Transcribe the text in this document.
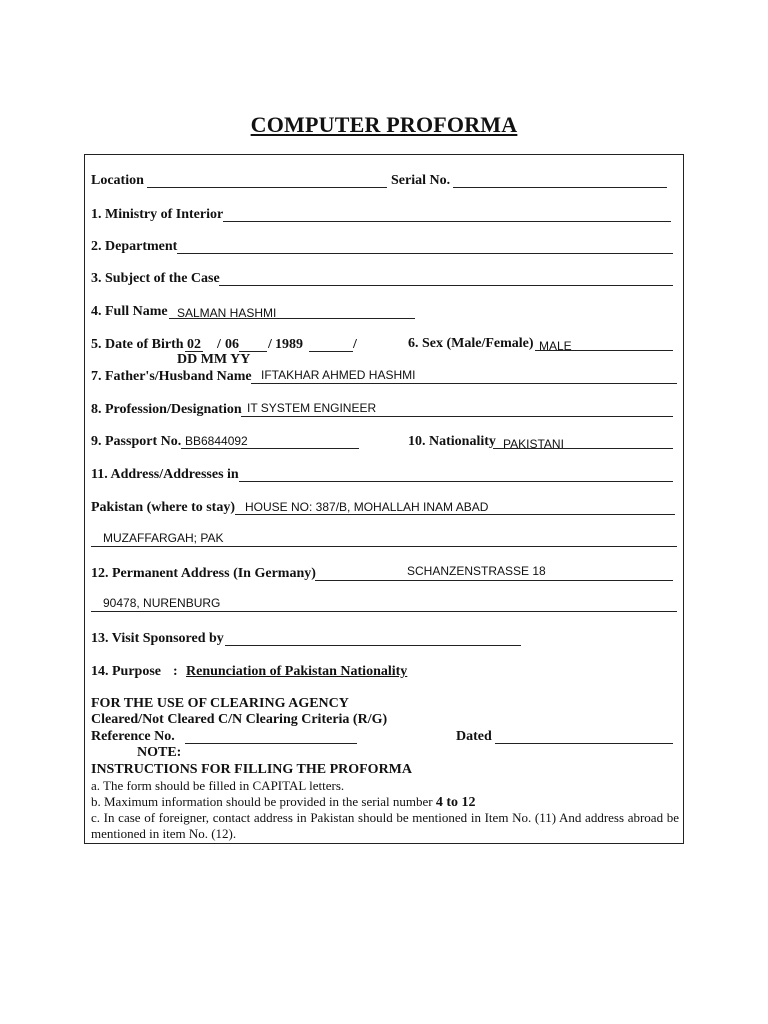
COMPUTER PROFORMA
Location	Serial No.
1. Ministry of Interior
2. Department
3. Subject of the Case
4. Full Name SALMAN HASHMI
5. Date of Birth 02 06	1989

/	/	/
DD MM YY
6. Sex (Male/Female) MALE
7. Father's/Husband Name IFTAKHAR AHMED HASHMI
8. Profession/Designation IT SYSTEM ENGINEER
9. Passport No. BB6844092	10. Nationality PAKISTANI
11. Address/Addresses in
Pakistan (where to stay) HOUSE NO: 387/B, MOHALLAH INAM ABAD
MUZAFFARGAH; PAK
12. Permanent Address (In Germany)	SCHANZENSTRASSE 18
90478, NURENBURG
13. Visit Sponsored by
14. Purpose : Renunciation of Pakistan Nationality
FOR THE USE OF CLEARING AGENCY
Cleared/Not Cleared C/N Clearing Criteria (R/G)
Reference No.	Dated
NOTE:
INSTRUCTIONS FOR FILLING THE PROFORMA
a. The form should be filled in CAPITAL letters.
b. Maximum information should be provided in the serial number 4 to 12
c. In case of foreigner, contact address in Pakistan should be mentioned in Item No. (11) And address abroad be mentioned in item No. (12).
